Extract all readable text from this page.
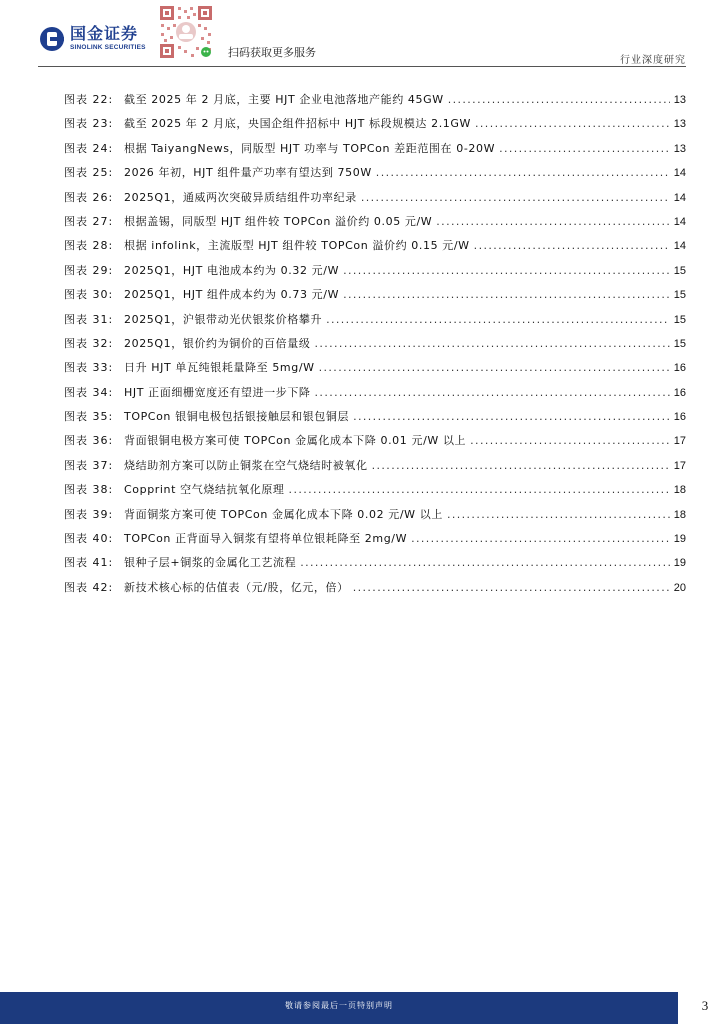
国金证券
SINOLINK SECURITIES	扫码获取更多服务
行业深度研究
图表 22: 截至 2025 年 2 月底，主要 HJT 企业电池落地产能约 45GW .....	13
图表 23: 截至 2025 年 2 月底，央国企组件招标中 HJT 标段规模达 2.1GW .....	13
图表 24: 根据 TaiyangNews，同版型 HJT 功率与 TOPCon 差距范围在 0-20W .....	13
图表 25: 2026 年初，HJT 组件量产功率有望达到 750W .....	14
图表 26: 2025Q1，通威两次突破异质结组件功率纪录 .....	14
图表 27: 根据盖锡，同版型 HJT 组件较 TOPCon 溢价约 0.05 元/W .....	14
图表 28: 根据 infolink，主流版型 HJT 组件较 TOPCon 溢价约 0.15 元/W .....	14
图表 29: 2025Q1，HJT 电池成本约为 0.32 元/W .....	15
图表 30: 2025Q1，HJT 组件成本约为 0.73 元/W .....	15
图表 31: 2025Q1，沪银带动光伏银浆价格攀升 .....	15
图表 32: 2025Q1，银价约为铜价的百倍量级 .....	15
图表 33: 日升 HJT 单瓦纯银耗量降至 5mg/W .....	16
图表 34: HJT 正面细栅宽度还有望进一步下降 .....	16
图表 35: TOPCon 银铜电极包括银接触层和银包铜层 .....	16
图表 36: 背面银铜电极方案可使 TOPCon 金属化成本下降 0.01 元/W 以上 .....	17
图表 37: 烧结助剂方案可以防止铜浆在空气烧结时被氧化 .....	17
图表 38: Copprint 空气烧结抗氧化原理 .....	18
图表 39: 背面铜浆方案可使 TOPCon 金属化成本下降 0.02 元/W 以上 .....	18
图表 40: TOPCon 正背面导入铜浆有望将单位银耗降至 2mg/W .....	19
图表 41: 银种子层+铜浆的金属化工艺流程 .....	19
图表 42: 新技术核心标的估值表（元/股，亿元，倍） .....	20
敬请参阅最后一页特别声明	3
